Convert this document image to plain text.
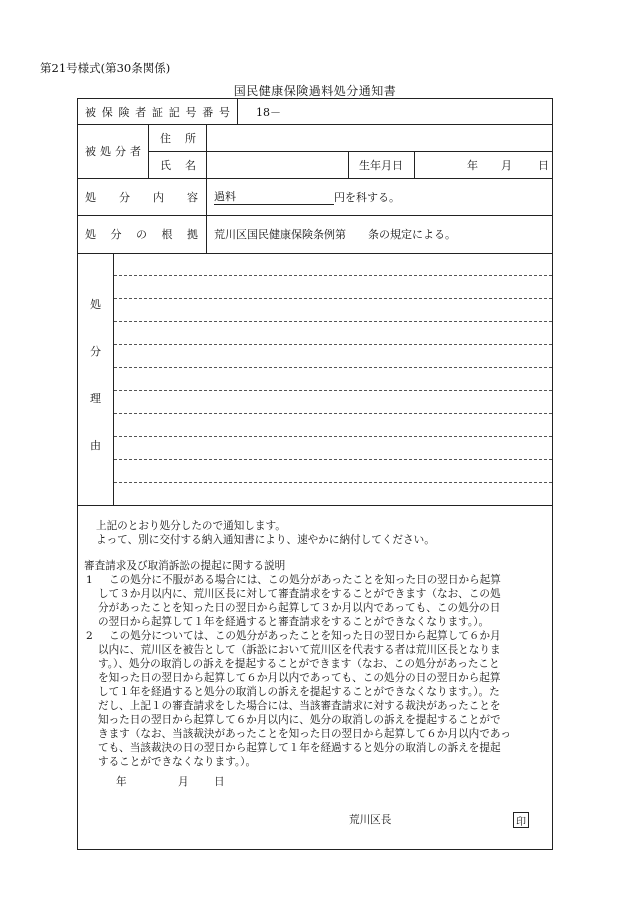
第21号様式(第30条関係)
国民健康保険過料処分通知書
被 保 険 者 証 記 号 番 号 18－
被 処 分 者
住 所
氏 名	生年月日	年 月 日
処 分 内 容 過料	円を科する。
処 分 の 根 拠 荒川区国民健康保険条例第　　条の規定による。
処
分
理
由
上記のとおり処分したので通知します。
よって、別に交付する納入通知書により、速やかに納付してください。
審査請求及び取消訴訟の提起に関する説明
1 この処分に不服がある場合には、この処分があったことを知った日の翌日から起算
して３か月以内に、荒川区長に対して審査請求をすることができます（なお、この処
分があったことを知った日の翌日から起算して３か月以内であっても、この処分の日
の翌日から起算して１年を経過すると審査請求をすることができなくなります。）。
2 この処分については、この処分があったことを知った日の翌日から起算して６か月
以内に、荒川区を被告として（訴訟において荒川区を代表する者は荒川区長となりま
す。）、処分の取消しの訴えを提起することができます（なお、この処分があったこと
を知った日の翌日から起算して６か月以内であっても、この処分の日の翌日から起算
して１年を経過すると処分の取消しの訴えを提起することができなくなります。）。た
だし、上記１の審査請求をした場合には、当該審査請求に対する裁決があったことを
知った日の翌日から起算して６か月以内に、処分の取消しの訴えを提起することがで
きます（なお、当該裁決があったことを知った日の翌日から起算して６か月以内であっ
ても、当該裁決の日の翌日から起算して１年を経過すると処分の取消しの訴えを提起
することができなくなります。）。
年	月 日
荒川区長	印
